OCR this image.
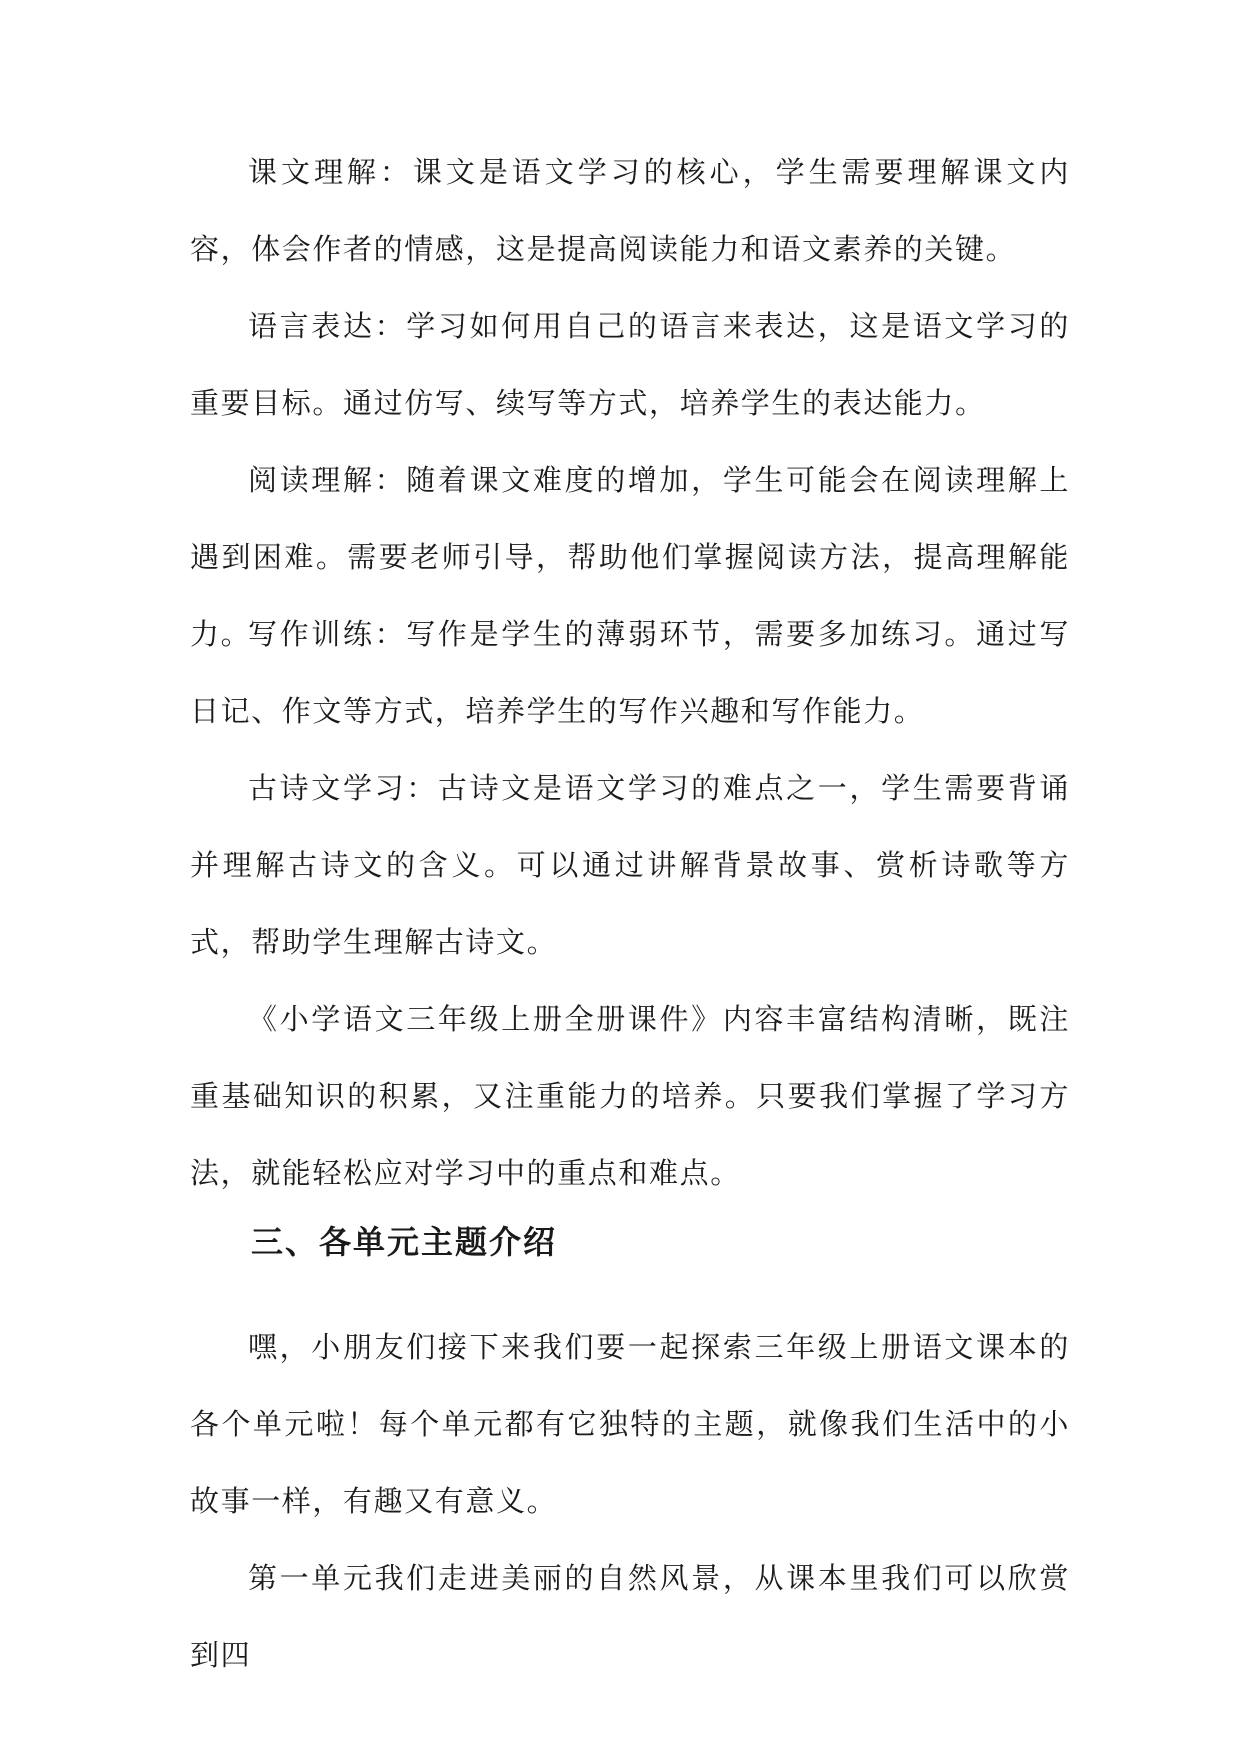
课文理解：课文是语文学习的核心，学生需要理解课文内容，体会作者的情感，这是提高阅读能力和语文素养的关键。

语言表达：学习如何用自己的语言来表达，这是语文学习的重要目标。通过仿写、续写等方式，培养学生的表达能力。

阅读理解：随着课文难度的增加，学生可能会在阅读理解上遇到困难。需要老师引导，帮助他们掌握阅读方法，提高理解能力。

写作训练：写作是学生的薄弱环节，需要多加练习。通过写日记、作文等方式，培养学生的写作兴趣和写作能力。

古诗文学习：古诗文是语文学习的难点之一，学生需要背诵并理解古诗文的含义。可以通过讲解背景故事、赏析诗歌等方式，帮助学生理解古诗文。

《小学语文三年级上册全册课件》内容丰富结构清晰，既注重基础知识的积累，又注重能力的培养。只要我们掌握了学习方法，就能轻松应对学习中的重点和难点。

三、各单元主题介绍

嘿，小朋友们接下来我们要一起探索三年级上册语文课本的各个单元啦！每个单元都有它独特的主题，就像我们生活中的小故事一样，有趣又有意义。

第一单元我们走进美丽的自然风景，从课本里我们可以欣赏到四
